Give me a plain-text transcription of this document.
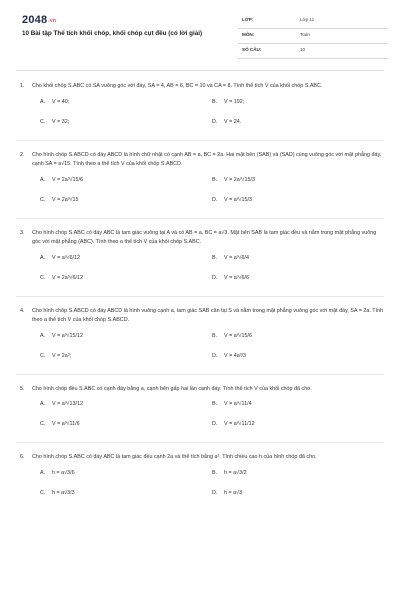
2048.vn
10 Bài tập Thể tích khối chóp, khối chóp cụt đều (có lời giải)
LỚP:	Lớp 11
MÔN:	Toán
SỐ CÂU:	10
1. Cho khối chóp S.ABC có SA vuông góc với đáy, SA = 4, AB = 6, BC = 10 và CA = 8. Tính thể tích V của khối chóp S.ABC.
A. V = 40;	B. V = 192;
C. V = 32;	D. V = 24.
2. Cho hình chóp S.ABCD có đáy ABCD là hình chữ nhật có cạnh AB = a, BC = 2a. Hai mặt bên (SAB) và (SAD) cùng vuông góc với mặt phẳng đáy, cạnh SA = a√15. Tính theo a thể tích V của khối chóp S.ABCD.
A. V = 2a³√15/6	B. V = 2a³√15/3
C. V = 2a³√15	D. V = a³√15/3
3. Cho hình chóp S.ABC có đáy ABC là tam giác vuông tại A và có AB = a, BC = a√3. Mặt bên SAB là tam giác đều và nằm trong mặt phẳng vuông góc với mặt phẳng (ABC). Tính theo a thể tích V của khối chóp S.ABC.
A. V = a³√6/12	B. V = a³√6/4
C. V = 2a³√6/12	D. V = a³√6/6
4. Cho hình chóp S.ABCD có đáy ABCD là hình vuông cạnh a, tam giác SAB cân tại S và nằm trong mặt phẳng vuông góc với mặt đáy, SA = 2a. Tính theo a thể tích V của khối chóp S.ABCD.
A. V = a³√15/12	B. V = a³√15/6
C. V = 2a³;	D. V = 4a³/3
5. Cho hình chóp đều S.ABC có cạnh đáy bằng a, cạnh bên gấp hai lần cạnh đáy. Tính thể tích V của khối chóp đã cho.
A. V = a³√13/12	B. V = a³√11/4
C. V = a³√11/6	D. V = a³√11/12
6. Cho hình chóp S.ABC có đáy ABC là tam giác đều cạnh 2a và thể tích bằng a³. Tính chiều cao h của hình chóp đã cho.
A. h = a√3/6	B. h = a√3/2
C. h = a√3/3	D. h = a√3
